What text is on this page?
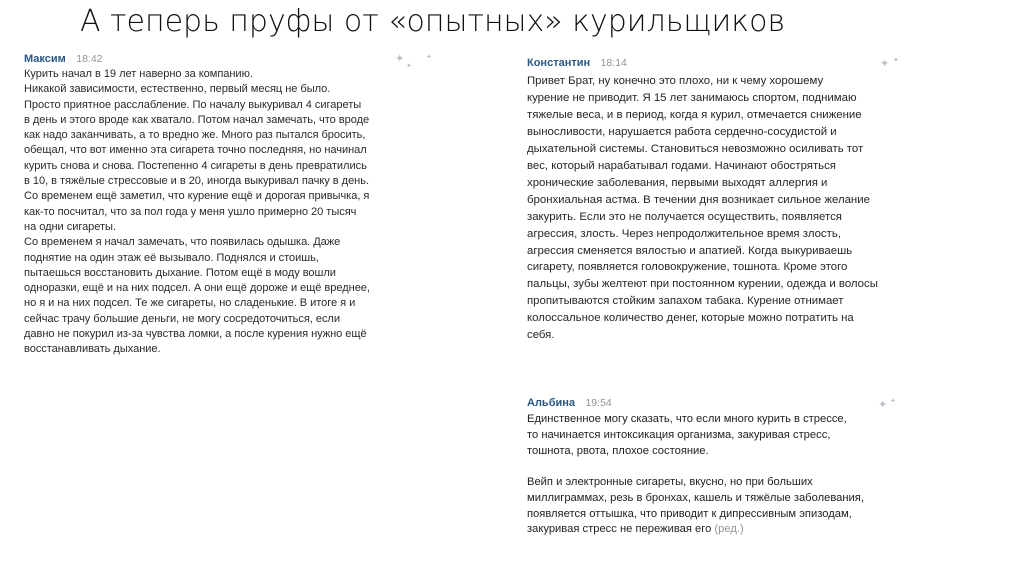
А теперь пруфы от «опытных» курильщиков
Максим 18:42
Курить начал в 19 лет наверно за компанию.
Никакой зависимости, естественно, первый месяц не было.
Просто приятное расслабление. По началу выкуривал 4 сигареты
в день и этого вроде как хватало. Потом начал замечать, что вроде
как надо заканчивать, а то вредно же. Много раз пытался бросить,
обещал, что вот именно эта сигарета точно последняя, но начинал
курить снова и снова. Постепенно 4 сигареты в день превратились
в 10, в тяжёлые стрессовые и в 20, иногда выкуривал пачку в день.
Со временем ещё заметил, что курение ещё и дорогая привычка, я
как-то посчитал, что за пол года у меня ушло примерно 20 тысяч
на одни сигареты.
Со временем я начал замечать, что появилась одышка. Даже
поднятие на один этаж её вызывало. Поднялся и стоишь,
пытаешься восстановить дыхание. Потом ещё в моду вошли
одноразки, ещё и на них подсел. А они ещё дороже и ещё вреднее,
но я и на них подсел. Те же сигареты, но сладенькие. В итоге я и
сейчас трачу большие деньги, не могу сосредоточиться, если
давно не покурил из-за чувства ломки, а после курения нужно ещё
восстанавливать дыхание.
✦
✦
✦	Константин 18:14
Привет Брат, ну конечно это плохо, ни к чему хорошему
курение не приводит. Я 15 лет занимаюсь спортом, поднимаю
тяжелые веса, и в период, когда я курил, отмечается снижение
выносливости, нарушается работа сердечно-сосудистой и
дыхательной системы. Становиться невозможно осиливать тот
вес, который нарабатывал годами. Начинают обостряться
хронические заболевания, первыми выходят аллергия и
бронхиальная астма. В течении дня возникает сильное желание
закурить. Если это не получается осуществить, появляется
агрессия, злость. Через непродолжительное время злость,
агрессия сменяется вялостью и апатией. Когда выкуриваешь
сигарету, появляется головокружение, тошнота. Кроме этого
пальцы, зубы желтеют при постоянном курении, одежда и волосы
пропитываются стойким запахом табака. Курение отнимает
колоссальное количество денег, которые можно потратить на
себя.
✦ ✦
Альбина 19:54
Единственное могу сказать, что если много курить в стрессе,
то начинается интоксикация организма, закуривая стресс,
тошнота, рвота, плохое состояние.
Вейп и электронные сигареты, вкусно, но при больших
миллиграммах, резь в бронхах, кашель и тяжёлые заболевания,
появляется оттышка, что приводит к дипрессивным эпизодам,
закуривая стресс не переживая его (ред.)
✦ ✦
